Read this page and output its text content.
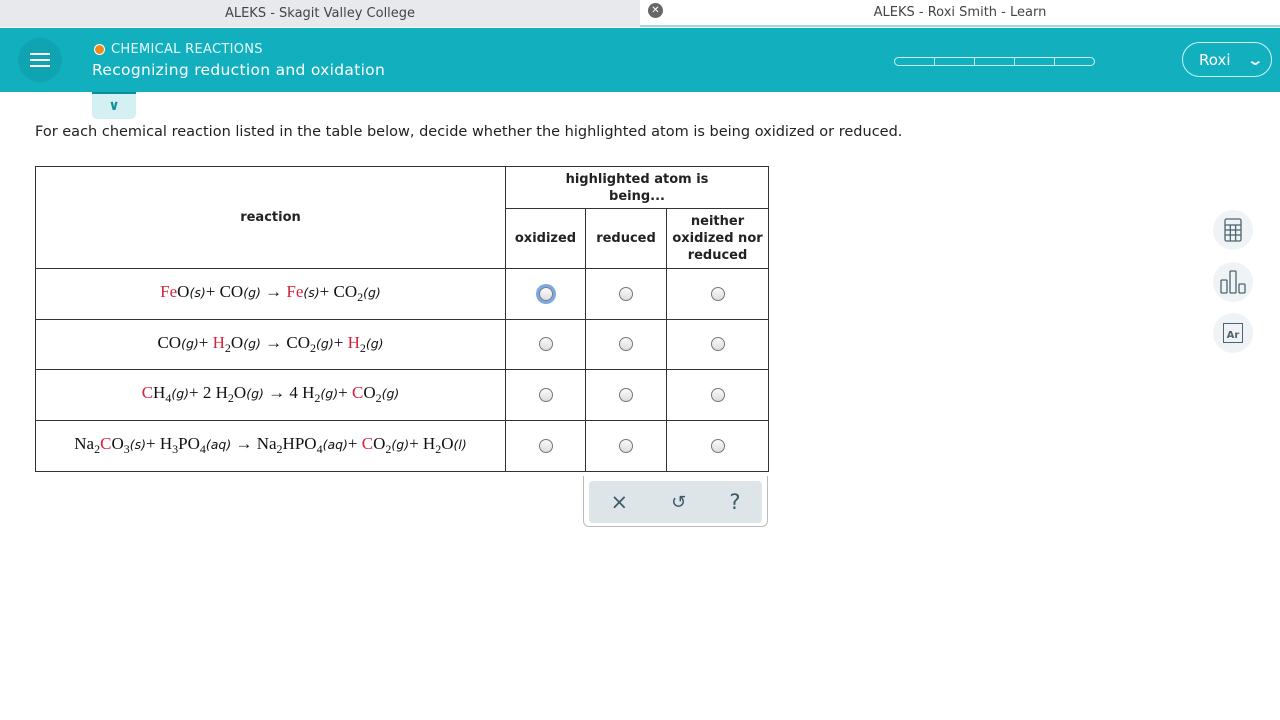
ALEKS - Skagit Valley College	✕	ALEKS - Roxi Smith - Learn
CHEMICAL REACTIONS
Recognizing reduction and oxidation
Roxi ⌄
∨
For each chemical reaction listed in the table below, decide whether the highlighted atom is being oxidized or reduced.
reaction	highlighted atom is being...		
	oxidized	reduced	neither oxidized nor reduced
$FeO(s)+ CO(g) \to Fe(s)+ CO_2(g)$			
$CO(g)+ H_2O(g) \to CO_2(g)+ H_2(g)$			
$CH_4(g)+ 2$ $H_2O(g) \to 4$ $H_2(g)+ CO_2(g)$			
$Na_2CO_3(s)+ H_3PO_4(aq) \to Na_2HPO_4(aq)+ CO_2(g)+ H_2O(l)$			
× ↺ ?
Ar
